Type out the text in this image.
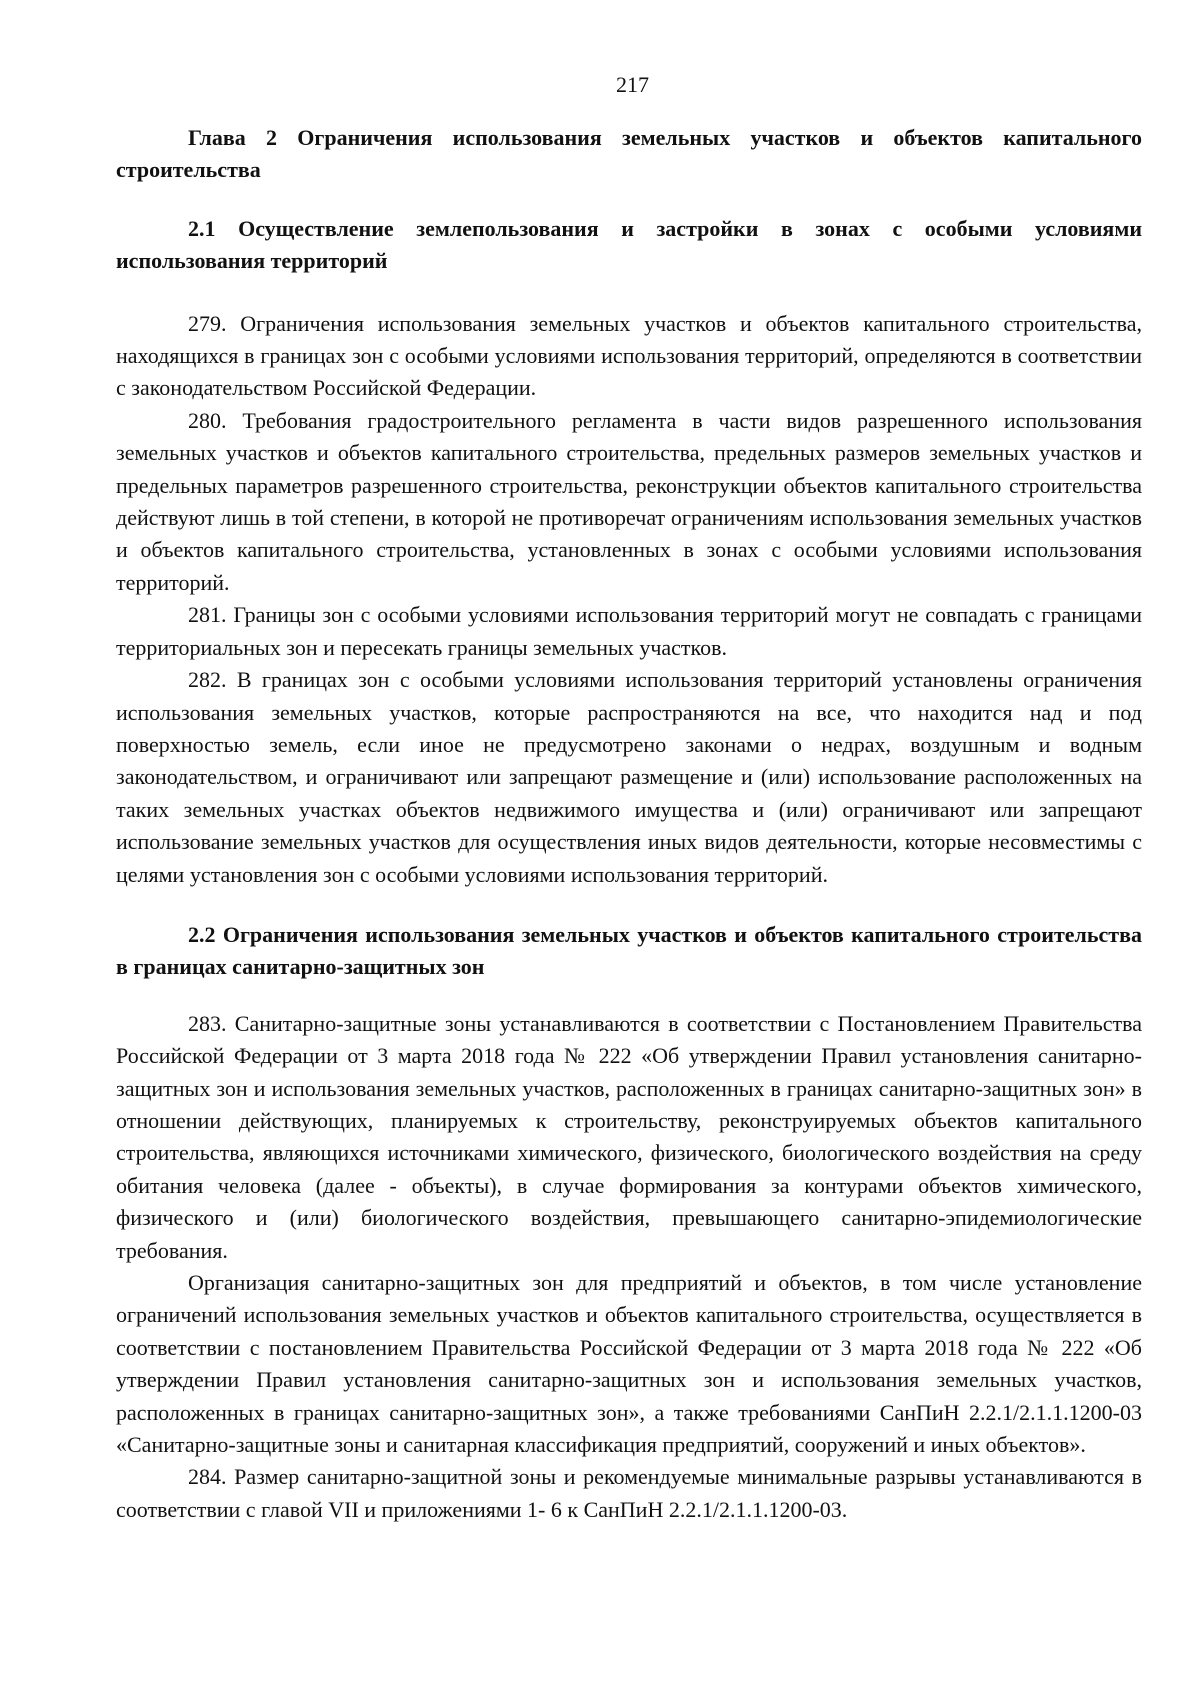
217

Глава 2 Ограничения использования земельных участков и объектов капитального строительства

2.1 Осуществление землепользования и застройки в зонах с особыми условиями использования территорий

279. Ограничения использования земельных участков и объектов капитального строительства, находящихся в границах зон с особыми условиями использования территорий, определяются в соответствии с законодательством Российской Федерации.

280. Требования градостроительного регламента в части видов разрешенного использования земельных участков и объектов капитального строительства, предельных размеров земельных участков и предельных параметров разрешенного строительства, реконструкции объектов капитального строительства действуют лишь в той степени, в которой не противоречат ограничениям использования земельных участков и объектов капитального строительства, установленных в зонах с особыми условиями использования территорий.

281. Границы зон с особыми условиями использования территорий могут не совпадать с границами территориальных зон и пересекать границы земельных участков.

282. В границах зон с особыми условиями использования территорий установлены ограничения использования земельных участков, которые распространяются на все, что находится над и под поверхностью земель, если иное не предусмотрено законами о недрах, воздушным и водным законодательством, и ограничивают или запрещают размещение и (или) использование расположенных на таких земельных участках объектов недвижимого имущества и (или) ограничивают или запрещают использование земельных участков для осуществления иных видов деятельности, которые несовместимы с целями установления зон с особыми условиями использования территорий.

2.2 Ограничения использования земельных участков и объектов капитального строительства в границах санитарно-защитных зон

283. Санитарно-защитные зоны устанавливаются в соответствии с Постановлением Правительства Российской Федерации от 3 марта 2018 года № 222 «Об утверждении Правил установления санитарно-защитных зон и использования земельных участков, расположенных в границах санитарно-защитных зон» в отношении действующих, планируемых к строительству, реконструируемых объектов капитального строительства, являющихся источниками химического, физического, биологического воздействия на среду обитания человека (далее - объекты), в случае формирования за контурами объектов химического, физического и (или) биологического воздействия, превышающего санитарно-эпидемиологические требования.

Организация санитарно-защитных зон для предприятий и объектов, в том числе установление ограничений использования земельных участков и объектов капитального строительства, осуществляется в соответствии с постановлением Правительства Российской Федерации от 3 марта 2018 года № 222 «Об утверждении Правил установления санитарно-защитных зон и использования земельных участков, расположенных в границах санитарно-защитных зон», а также требованиями СанПиН 2.2.1/2.1.1.1200-03 «Санитарно-защитные зоны и санитарная классификация предприятий, сооружений и иных объектов».

284. Размер санитарно-защитной зоны и рекомендуемые минимальные разрывы устанавливаются в соответствии с главой VII и приложениями 1- 6 к СанПиН 2.2.1/2.1.1.1200-03.
